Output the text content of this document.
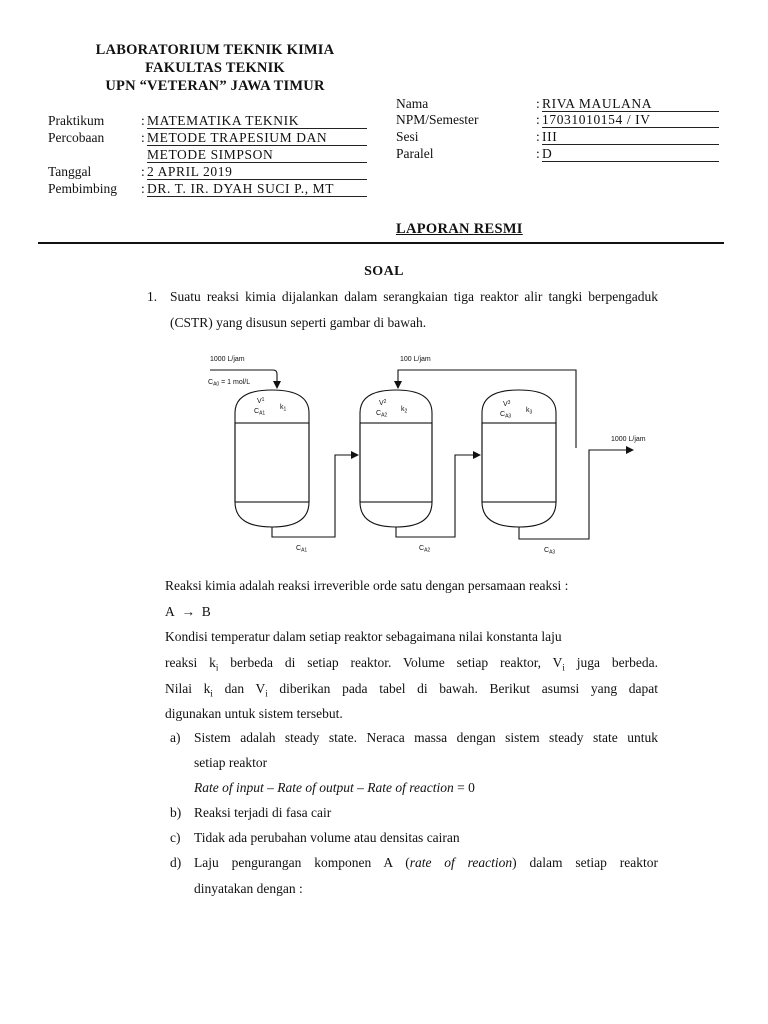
LABORATORIUM TEKNIK KIMIA
FAKULTAS TEKNIK
UPN “VETERAN” JAWA TIMUR
Praktikum	: MATEMATIKA TEKNIK
Percobaan	: METODE TRAPESIUM DAN
METODE SIMPSON
Tanggal	: 2 APRIL 2019
Pembimbing : DR. T. IR. DYAH SUCI P., MT
Nama	: RIVA MAULANA
NPM/Semester	: 17031010154 / IV
Sesi	: III
Paralel	: D
LAPORAN RESMI
SOAL
1. Suatu reaksi kimia dijalankan dalam serangkaian tiga reaktor alir tangki berpengaduk (CSTR) yang disusun seperti gambar di bawah.
1000 L/jam
$C_{A0} = 1$ mol/L
100 L/jam
1000 L/jam
$V^1$
$C_{A1}$
$k_1$
$V^2$
$C_{A2}$
$k_2$
$V^3$
$C_{A3}$
$k_3$
$C_{A1}$	$C_{A2}$	$C_{A3}$
Reaksi kimia adalah reaksi irreverible orde satu dengan persamaan reaksi :
A → B
Kondisi temperatur dalam setiap reaktor sebagaimana nilai konstanta laju
reaksi $k_i$ berbeda di setiap reaktor. Volume setiap reaktor, $V_i$ juga berbeda.
Nilai $k_i$ dan $V_i$ diberikan pada tabel di bawah. Berikut asumsi yang dapat
digunakan untuk sistem tersebut.
a) Sistem adalah steady state. Neraca massa dengan sistem steady state untuk
setiap reaktor
Rate of input – Rate of output – Rate of reaction = 0
b) Reaksi terjadi di fasa cair
c) Tidak ada perubahan volume atau densitas cairan
d) Laju pengurangan komponen A (rate of reaction) dalam setiap reaktor
dinyatakan dengan :
